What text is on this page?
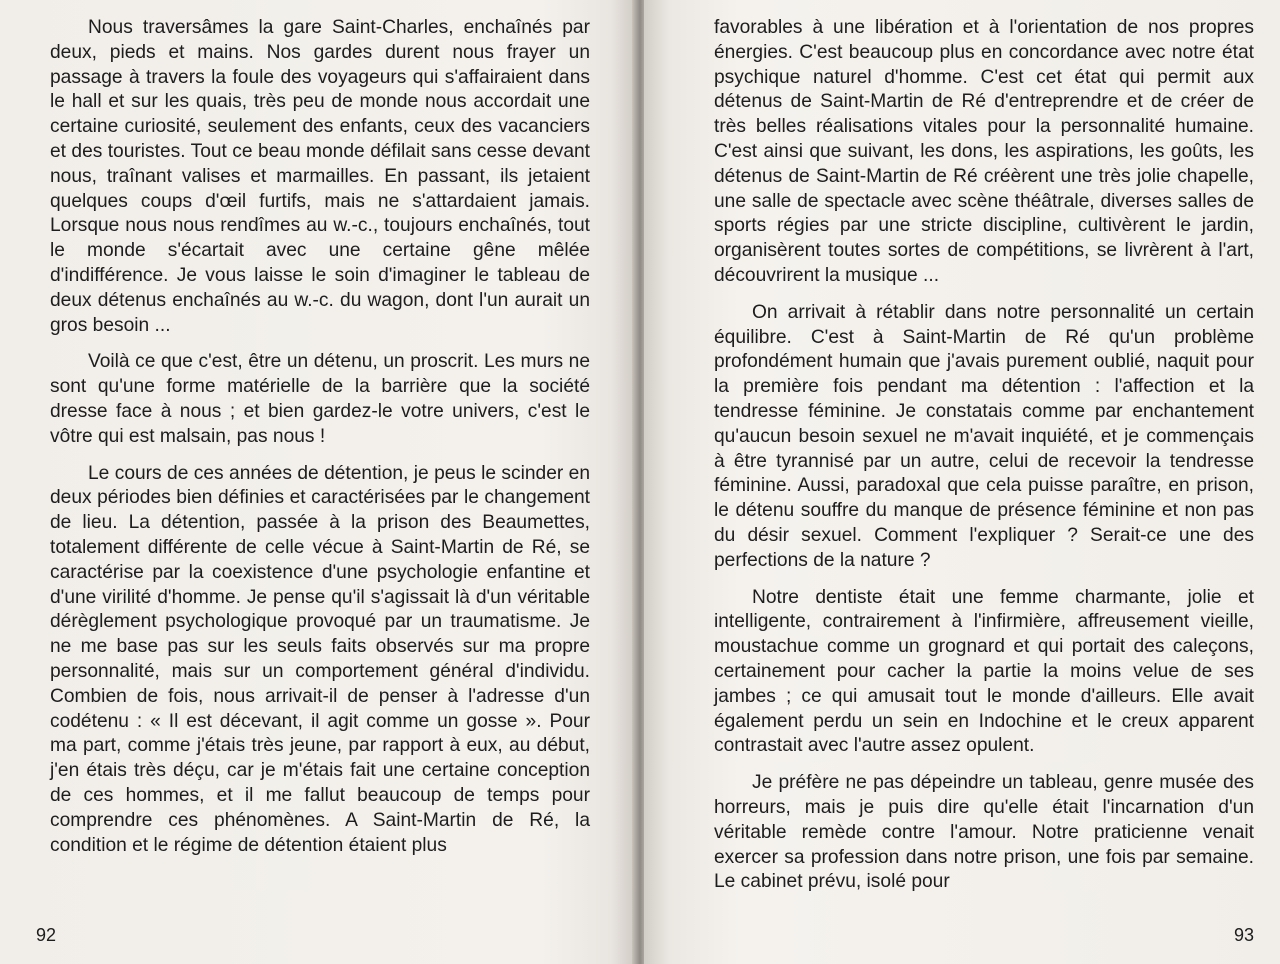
Nous traversâmes la gare Saint-Charles, enchaînés par deux, pieds et mains. Nos gardes durent nous frayer un passage à travers la foule des voyageurs qui s'affairaient dans le hall et sur les quais, très peu de monde nous accordait une certaine curiosité, seulement des enfants, ceux des vacanciers et des touristes. Tout ce beau monde défilait sans cesse devant nous, traînant valises et marmailles. En passant, ils jetaient quelques coups d'œil furtifs, mais ne s'attardaient jamais. Lorsque nous nous rendîmes au w.-c., toujours enchaînés, tout le monde s'écartait avec une certaine gêne mêlée d'indifférence. Je vous laisse le soin d'imaginer le tableau de deux détenus enchaînés au w.-c. du wagon, dont l'un aurait un gros besoin ...

Voilà ce que c'est, être un détenu, un proscrit. Les murs ne sont qu'une forme matérielle de la barrière que la société dresse face à nous ; et bien gardez-le votre univers, c'est le vôtre qui est malsain, pas nous !

Le cours de ces années de détention, je peus le scinder en deux périodes bien définies et caractérisées par le changement de lieu. La détention, passée à la prison des Beaumettes, totalement différente de celle vécue à Saint-Martin de Ré, se caractérise par la coexistence d'une psychologie enfantine et d'une virilité d'homme. Je pense qu'il s'agissait là d'un véritable dérèglement psychologique provoqué par un traumatisme. Je ne me base pas sur les seuls faits observés sur ma propre personnalité, mais sur un comportement général d'individu. Combien de fois, nous arrivait-il de penser à l'adresse d'un codétenu : « Il est décevant, il agit comme un gosse ». Pour ma part, comme j'étais très jeune, par rapport à eux, au début, j'en étais très déçu, car je m'étais fait une certaine conception de ces hommes, et il me fallut beaucoup de temps pour comprendre ces phénomènes. A Saint-Martin de Ré, la condition et le régime de détention étaient plus

92

favorables à une libération et à l'orientation de nos propres énergies. C'est beaucoup plus en concordance avec notre état psychique naturel d'homme. C'est cet état qui permit aux détenus de Saint-Martin de Ré d'entreprendre et de créer de très belles réalisations vitales pour la personnalité humaine. C'est ainsi que suivant, les dons, les aspirations, les goûts, les détenus de Saint-Martin de Ré créèrent une très jolie chapelle, une salle de spectacle avec scène théâtrale, diverses salles de sports régies par une stricte discipline, cultivèrent le jardin, organisèrent toutes sortes de compétitions, se livrèrent à l'art, découvrirent la musique ...

On arrivait à rétablir dans notre personnalité un certain équilibre. C'est à Saint-Martin de Ré qu'un problème profondément humain que j'avais purement oublié, naquit pour la première fois pendant ma détention : l'affection et la tendresse féminine. Je constatais comme par enchantement qu'aucun besoin sexuel ne m'avait inquiété, et je commençais à être tyrannisé par un autre, celui de recevoir la tendresse féminine. Aussi, paradoxal que cela puisse paraître, en prison, le détenu souffre du manque de présence féminine et non pas du désir sexuel. Comment l'expliquer ? Serait-ce une des perfections de la nature ?

Notre dentiste était une femme charmante, jolie et intelligente, contrairement à l'infirmière, affreusement vieille, moustachue comme un grognard et qui portait des caleçons, certainement pour cacher la partie la moins velue de ses jambes ; ce qui amusait tout le monde d'ailleurs. Elle avait également perdu un sein en Indochine et le creux apparent contrastait avec l'autre assez opulent.

Je préfère ne pas dépeindre un tableau, genre musée des horreurs, mais je puis dire qu'elle était l'incarnation d'un véritable remède contre l'amour. Notre praticienne venait exercer sa profession dans notre prison, une fois par semaine. Le cabinet prévu, isolé pour

93
